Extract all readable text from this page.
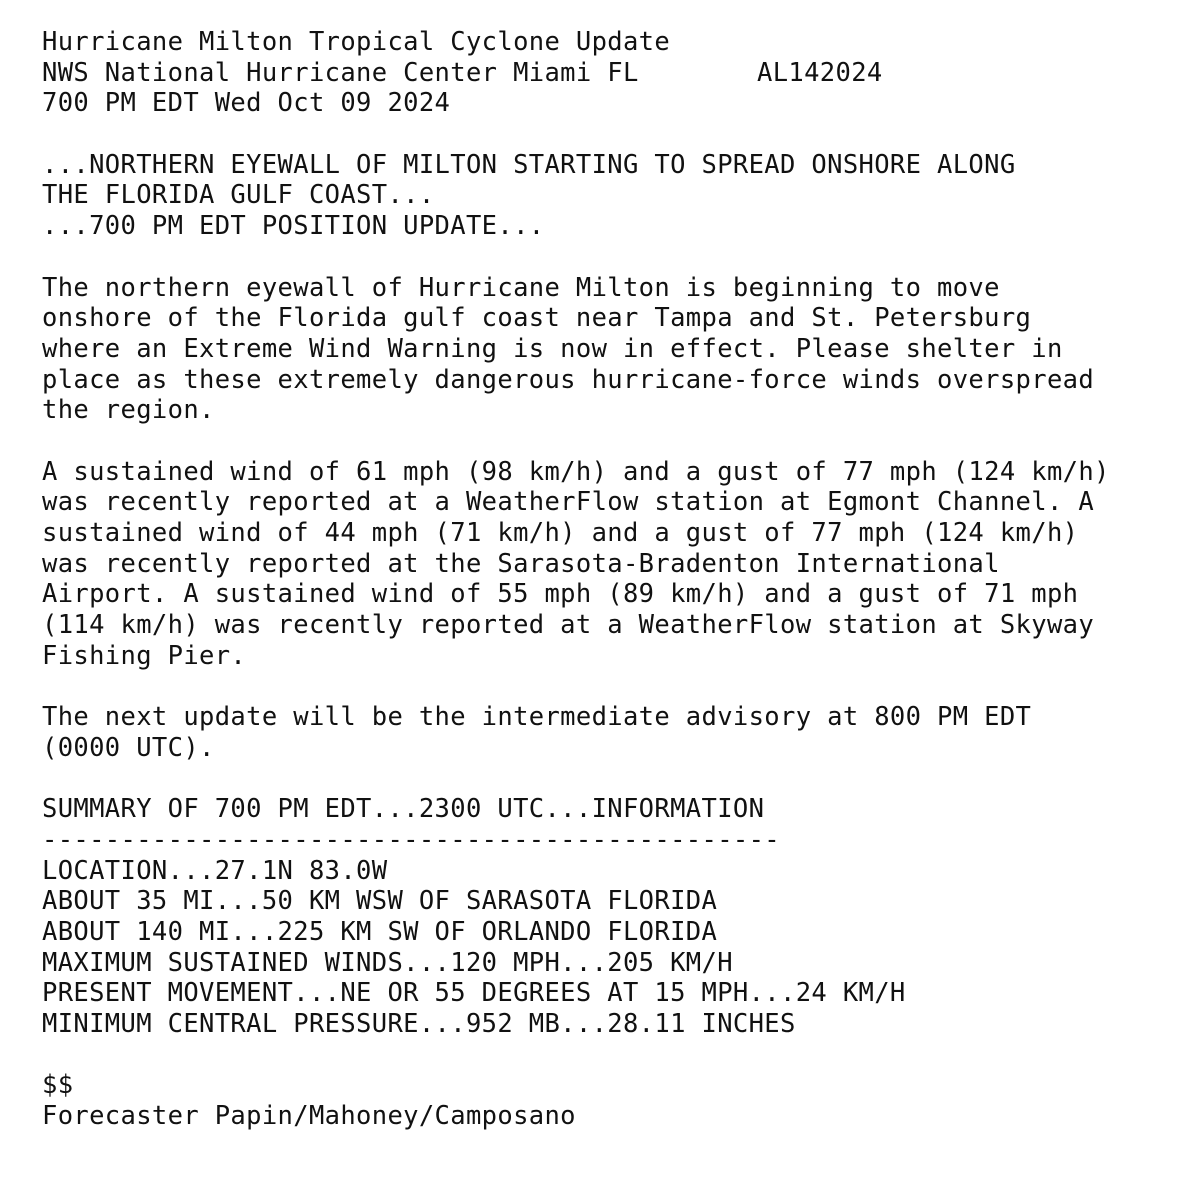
Hurricane Milton Tropical Cyclone Update
NWS National Hurricane Center Miami FL	AL142024
700 PM EDT Wed Oct 09 2024
...NORTHERN EYEWALL OF MILTON STARTING TO SPREAD ONSHORE ALONG
THE FLORIDA GULF COAST...
...700 PM EDT POSITION UPDATE...
The northern eyewall of Hurricane Milton is beginning to move
onshore of the Florida gulf coast near Tampa and St. Petersburg
where an Extreme Wind Warning is now in effect. Please shelter in
place as these extremely dangerous hurricane-force winds overspread
the region.
A sustained wind of 61 mph (98 km/h) and a gust of 77 mph (124 km/h)
was recently reported at a WeatherFlow station at Egmont Channel. A
sustained wind of 44 mph (71 km/h) and a gust of 77 mph (124 km/h)
was recently reported at the Sarasota-Bradenton International
Airport. A sustained wind of 55 mph (89 km/h) and a gust of 71 mph
(114 km/h) was recently reported at a WeatherFlow station at Skyway
Fishing Pier.
The next update will be the intermediate advisory at 800 PM EDT
(0000 UTC).
SUMMARY OF 700 PM EDT...2300 UTC...INFORMATION
-----------------------------------------------
LOCATION...27.1N 83.0W
ABOUT 35 MI...50 KM WSW OF SARASOTA FLORIDA
ABOUT 140 MI...225 KM SW OF ORLANDO FLORIDA
MAXIMUM SUSTAINED WINDS...120 MPH...205 KM/H
PRESENT MOVEMENT...NE OR 55 DEGREES AT 15 MPH...24 KM/H
MINIMUM CENTRAL PRESSURE...952 MB...28.11 INCHES
$$
Forecaster Papin/Mahoney/Camposano
